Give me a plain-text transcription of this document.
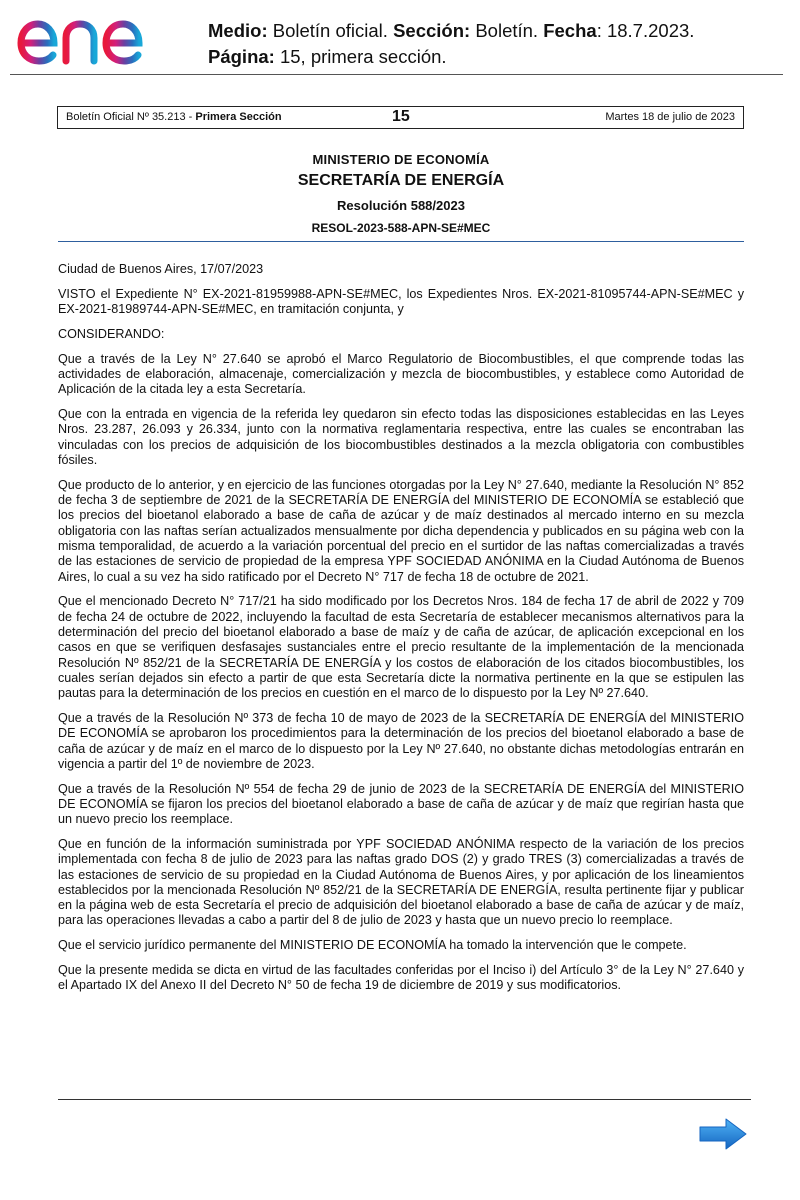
Medio: Boletín oficial. Sección: Boletín. Fecha: 18.7.2023.
Página: 15, primera sección.
Boletín Oficial Nº 35.213 - Primera Sección	15	Martes 18 de julio de 2023
MINISTERIO DE ECONOMÍA
SECRETARÍA DE ENERGÍA
Resolución 588/2023
RESOL-2023-588-APN-SE#MEC

Ciudad de Buenos Aires, 17/07/2023

VISTO el Expediente N° EX-2021-81959988-APN-SE#MEC, los Expedientes Nros. EX-2021-81095744-APN-SE#MEC y EX-2021-81989744-APN-SE#MEC, en tramitación conjunta, y

CONSIDERANDO:

Que a través de la Ley N° 27.640 se aprobó el Marco Regulatorio de Biocombustibles, el que comprende todas las actividades de elaboración, almacenaje, comercialización y mezcla de biocombustibles, y establece como Autoridad de Aplicación de la citada ley a esta Secretaría.

Que con la entrada en vigencia de la referida ley quedaron sin efecto todas las disposiciones establecidas en las Leyes Nros. 23.287, 26.093 y 26.334, junto con la normativa reglamentaria respectiva, entre las cuales se encontraban las vinculadas con los precios de adquisición de los biocombustibles destinados a la mezcla obligatoria con combustibles fósiles.

Que producto de lo anterior, y en ejercicio de las funciones otorgadas por la Ley N° 27.640, mediante la Resolución N° 852 de fecha 3 de septiembre de 2021 de la SECRETARÍA DE ENERGÍA del MINISTERIO DE ECONOMÍA se estableció que los precios del bioetanol elaborado a base de caña de azúcar y de maíz destinados al mercado interno en su mezcla obligatoria con las naftas serían actualizados mensualmente por dicha dependencia y publicados en su página web con la misma temporalidad, de acuerdo a la variación porcentual del precio en el surtidor de las naftas comercializadas a través de las estaciones de servicio de propiedad de la empresa YPF SOCIEDAD ANÓNIMA en la Ciudad Autónoma de Buenos Aires, lo cual a su vez ha sido ratificado por el Decreto N° 717 de fecha 18 de octubre de 2021.

Que el mencionado Decreto N° 717/21 ha sido modificado por los Decretos Nros. 184 de fecha 17 de abril de 2022 y 709 de fecha 24 de octubre de 2022, incluyendo la facultad de esta Secretaría de establecer mecanismos alternativos para la determinación del precio del bioetanol elaborado a base de maíz y de caña de azúcar, de aplicación excepcional en los casos en que se verifiquen desfasajes sustanciales entre el precio resultante de la implementación de la mencionada Resolución Nº 852/21 de la SECRETARÍA DE ENERGÍA y los costos de elaboración de los citados biocombustibles, los cuales serían dejados sin efecto a partir de que esta Secretaría dicte la normativa pertinente en la que se estipulen las pautas para la determinación de los precios en cuestión en el marco de lo dispuesto por la Ley Nº 27.640.

Que a través de la Resolución Nº 373 de fecha 10 de mayo de 2023 de la SECRETARÍA DE ENERGÍA del MINISTERIO DE ECONOMÍA se aprobaron los procedimientos para la determinación de los precios del bioetanol elaborado a base de caña de azúcar y de maíz en el marco de lo dispuesto por la Ley Nº 27.640, no obstante dichas metodologías entrarán en vigencia a partir del 1º de noviembre de 2023.

Que a través de la Resolución Nº 554 de fecha 29 de junio de 2023 de la SECRETARÍA DE ENERGÍA del MINISTERIO DE ECONOMÍA se fijaron los precios del bioetanol elaborado a base de caña de azúcar y de maíz que regirían hasta que un nuevo precio los reemplace.

Que en función de la información suministrada por YPF SOCIEDAD ANÓNIMA respecto de la variación de los precios implementada con fecha 8 de julio de 2023 para las naftas grado DOS (2) y grado TRES (3) comercializadas a través de las estaciones de servicio de su propiedad en la Ciudad Autónoma de Buenos Aires, y por aplicación de los lineamientos establecidos por la mencionada Resolución Nº 852/21 de la SECRETARÍA DE ENERGÍA, resulta pertinente fijar y publicar en la página web de esta Secretaría el precio de adquisición del bioetanol elaborado a base de caña de azúcar y de maíz, para las operaciones llevadas a cabo a partir del 8 de julio de 2023 y hasta que un nuevo precio lo reemplace.

Que el servicio jurídico permanente del MINISTERIO DE ECONOMÍA ha tomado la intervención que le compete.

Que la presente medida se dicta en virtud de las facultades conferidas por el Inciso i) del Artículo 3° de la Ley N° 27.640 y el Apartado IX del Anexo II del Decreto N° 50 de fecha 19 de diciembre de 2019 y sus modificatorios.
